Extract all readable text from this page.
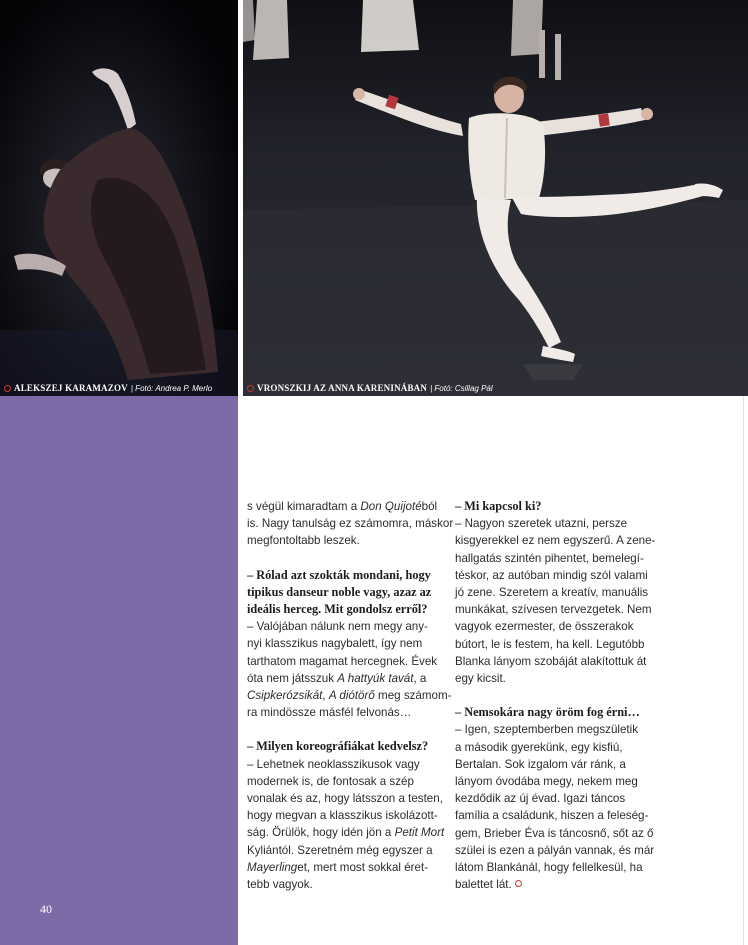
ALEKSZEJ KARAMAZOV | Fotó: Andrea P. Merlo	VRONSZKIJ AZ ANNA KARENINÁBAN | Fotó: Csillag Pál
40
s végül kimaradtam a Don Quijotéból
is. Nagy tanulság ez számomra, máskor
megfontoltabb leszek.
– Rólad azt szokták mondani, hogy
tipikus danseur noble vagy, azaz az
ideális herceg. Mit gondolsz erről?
– Valójában nálunk nem megy any-
nyi klasszikus nagybalett, így nem
tarthatom magamat hercegnek. Évek
óta nem játsszuk A hattyúk tavát, a
Csipkerózsikát, A diótörő meg számom-
ra mindössze másfél felvonás…
– Milyen koreográfiákat kedvelsz?
– Lehetnek neoklasszikusok vagy
modernek is, de fontosak a szép
vonalak és az, hogy látsszon a testen,
hogy megvan a klasszikus iskolázott-
ság. Örülök, hogy idén jön a Petit Mort
Kyliántól. Szeretném még egyszer a
Mayerlinget, mert most sokkal éret-
tebb vagyok.
– Mi kapcsol ki?
– Nagyon szeretek utazni, persze
kisgyerekkel ez nem egyszerű. A zene-
hallgatás szintén pihentet, bemelegí-
téskor, az autóban mindig szól valami
jó zene. Szeretem a kreatív, manuális
munkákat, szívesen tervezgetek. Nem
vagyok ezermester, de összerakok
bútort, le is festem, ha kell. Legutóbb
Blanka lányom szobáját alakítottuk át
egy kicsit.
– Nemsokára nagy öröm fog érni…
– Igen, szeptemberben megszületik
a második gyerekünk, egy kisfiú,
Bertalan. Sok izgalom vár ránk, a
lányom óvodába megy, nekem meg
kezdődik az új évad. Igazi táncos
família a családunk, hiszen a feleség-
gem, Brieber Éva is táncosnő, sőt az ő
szülei is ezen a pályán vannak, és már
látom Blankánál, hogy fellelkesül, ha
balettet lát.
